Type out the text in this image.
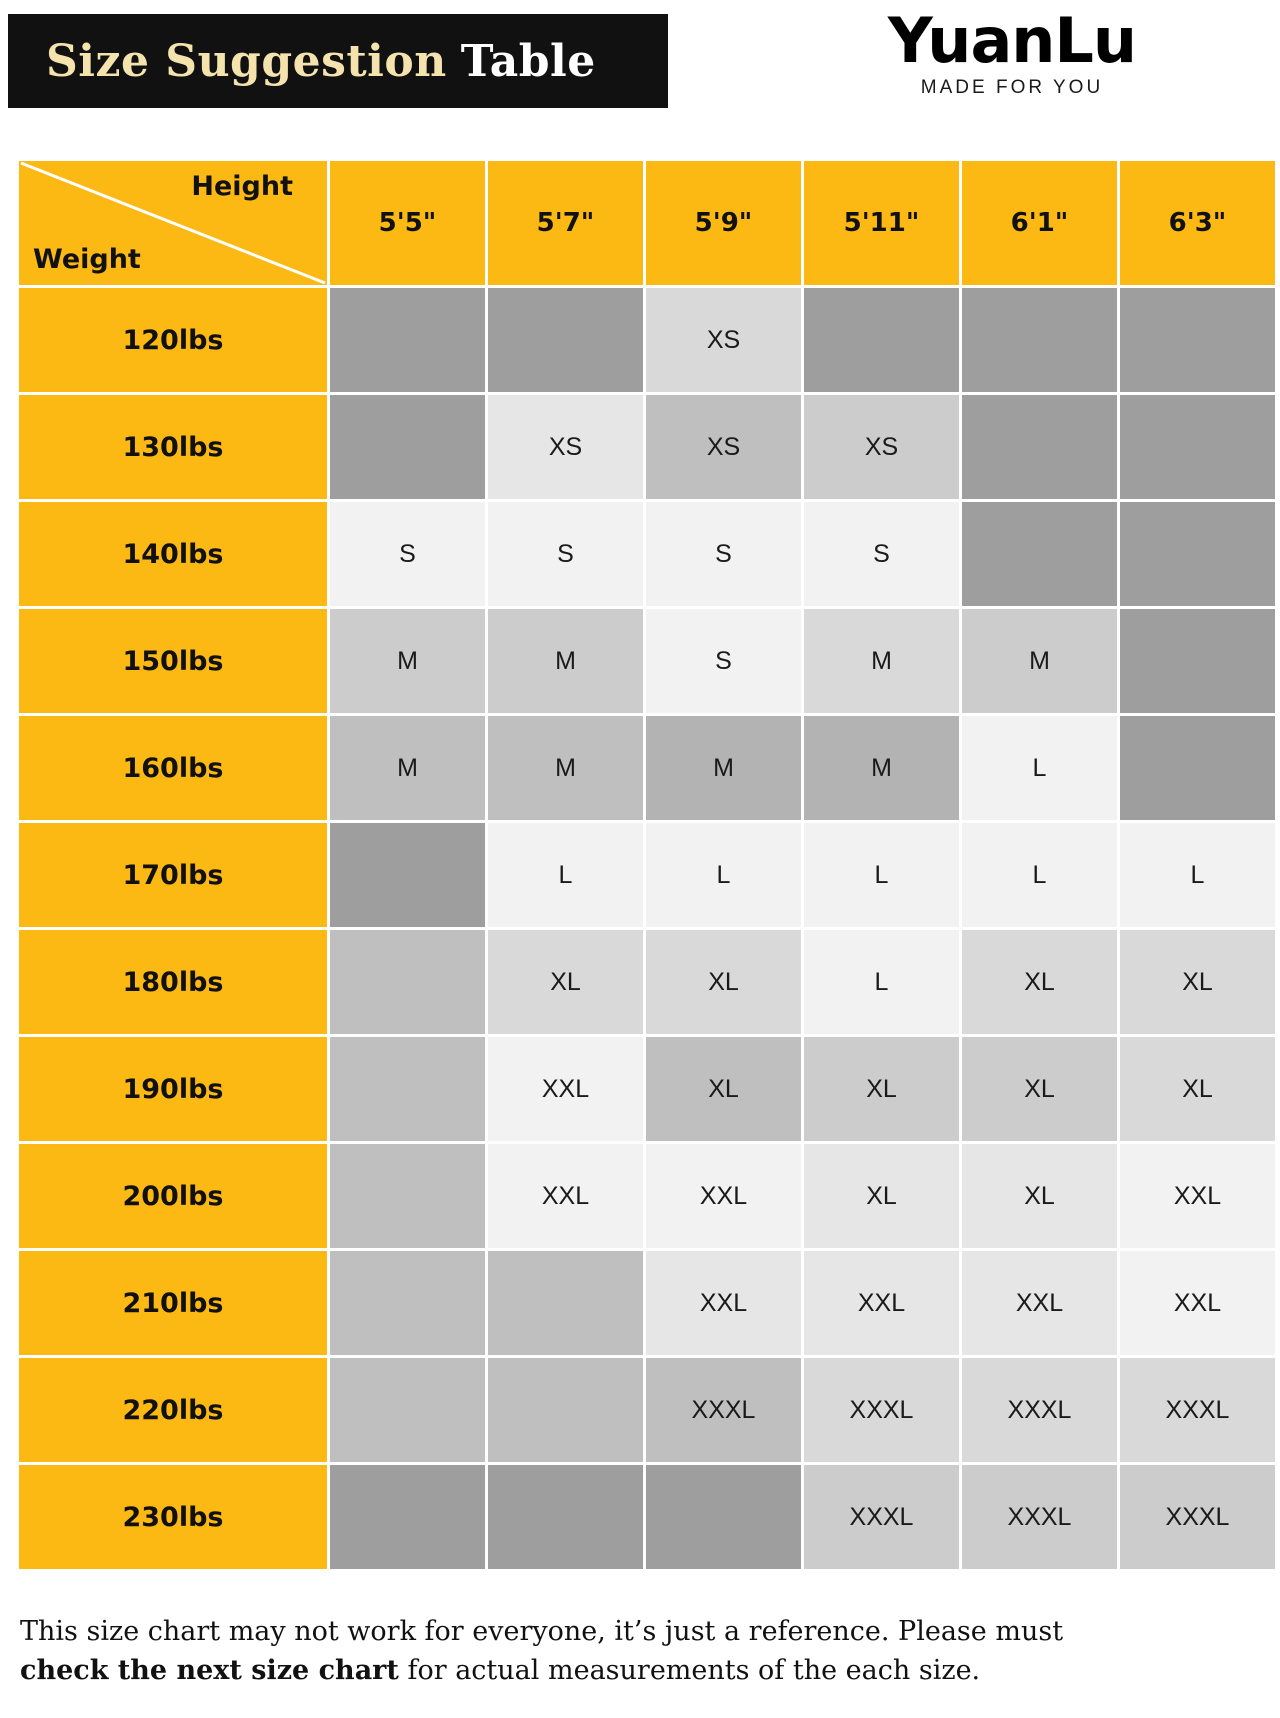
Size Suggestion Table	YuanLu
MADE FOR YOU
Height
Weight	5'5"	5'7"	5'9"	5'11"	6'1"	6'3"
120lbs			XS			
130lbs		XS	XS	XS		
140lbs	S	S	S	S		
150lbs	M	M	S	M	M	
160lbs	M	M	M	M	L	
170lbs		L	L	L	L	L
180lbs		XL	XL	L	XL	XL
190lbs		XXL	XL	XL	XL	XL
200lbs		XXL	XXL	XL	XL	XXL
210lbs			XXL	XXL	XXL	XXL
220lbs			XXXL	XXXL	XXXL	XXXL
230lbs				XXXL	XXXL	XXXL
This size chart may not work for everyone, it’s just a reference. Please must
check the next size chart for actual measurements of the each size.
